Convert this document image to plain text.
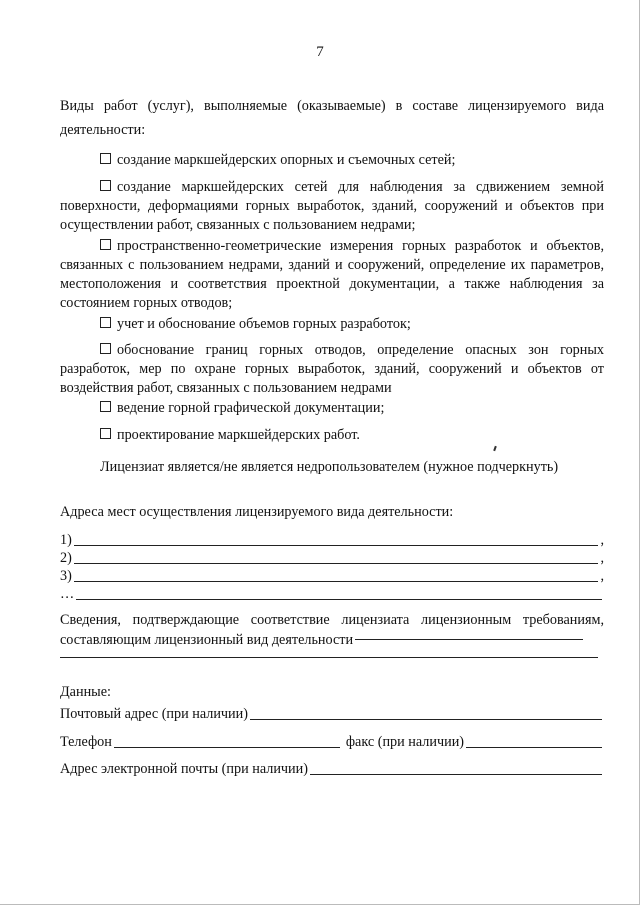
7
Виды работ (услуг), выполняемые (оказываемые) в составе лицензируемого вида деятельности:
создание маркшейдерских опорных и съемочных сетей;
создание маркшейдерских сетей для наблюдения за сдвижением земной поверхности, деформациями горных выработок, зданий, сооружений и объектов при осуществлении работ, связанных с пользованием недрами;
пространственно-геометрические измерения горных разработок и объектов, связанных с пользованием недрами, зданий и сооружений, определение их параметров, местоположения и соответствия проектной документации, а также наблюдения за состоянием горных отводов;
учет и обоснование объемов горных разработок;
обоснование границ горных отводов, определение опасных зон горных разработок, мер по охране горных выработок, зданий, сооружений и объектов от воздействия работ, связанных с пользованием недрами
ведение горной графической документации;
проектирование маркшейдерских работ.
Лицензиат является/не является недропользователем (нужное подчеркнуть)
Адреса мест осуществления лицензируемого вида деятельности:
1)	,
2)	,
3)	,
…
Сведения, подтверждающие соответствие лицензиата лицензионным требованиям, составляющим лицензионный вид деятельности
Данные:
Почтовый адрес (при наличии)
Телефон	факс (при наличии)
Адрес электронной почты (при наличии)
